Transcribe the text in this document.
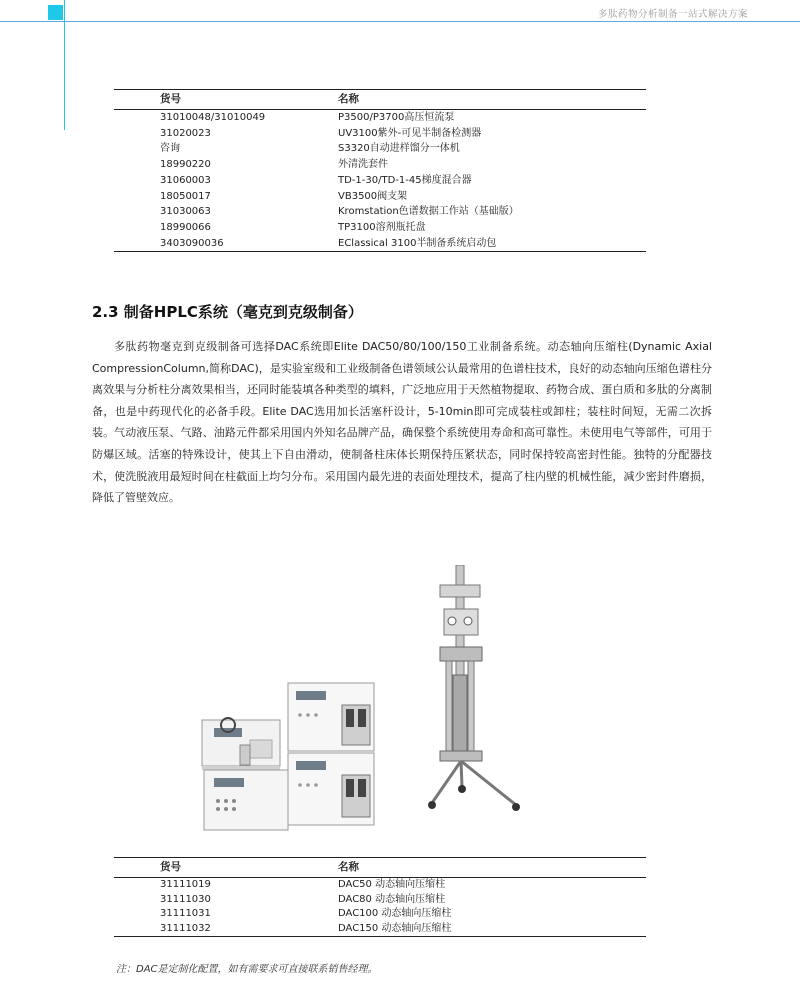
多肽药物分析制备一站式解决方案
货号	名称
31010048/31010049	P3500/P3700高压恒流泵
31020023	UV3100紫外-可见半制备检测器
咨询	S3320自动进样馏分一体机
18990220	外清洗套件
31060003	TD-1-30/TD-1-45梯度混合器
18050017	VB3500阀支架
31030063	Kromstation色谱数据工作站（基础版）
18990066	TP3100溶剂瓶托盘
3403090036	EClassical 3100半制备系统启动包
2.3 制备HPLC系统（毫克到克级制备）

多肽药物毫克到克级制备可选择DAC系统即Elite DAC50/80/100/150工业制备系统。动态轴向压缩柱(Dynamic Axial CompressionColumn,简称DAC)，是实验室级和工业级制备色谱领域公认最常用的色谱柱技术，良好的动态轴向压缩色谱柱分离效果与分析柱分离效果相当，还同时能装填各种类型的填料，广泛地应用于天然植物提取、药物合成、蛋白质和多肽的分离制备，也是中药现代化的必备手段。Elite DAC选用加长活塞杆设计，5-10min即可完成装柱或卸柱；装柱时间短，无需二次拆装。气动液压泵、气路、油路元件都采用国内外知名品牌产品，确保整个系统使用寿命和高可靠性。未使用电气等部件，可用于防爆区域。活塞的特殊设计，使其上下自由滑动，使制备柱床体长期保持压紧状态，同时保持较高密封性能。独特的分配器技术，使洗脱液用最短时间在柱截面上均匀分布。采用国内最先进的表面处理技术，提高了柱内壁的机械性能，减少密封件磨损，降低了管壁效应。

货号	名称
31111019	DAC50 动态轴向压缩柱
31111030	DAC80 动态轴向压缩柱
31111031	DAC100 动态轴向压缩柱
31111032	DAC150 动态轴向压缩柱
注：DAC是定制化配置，如有需要求可直接联系销售经理。
